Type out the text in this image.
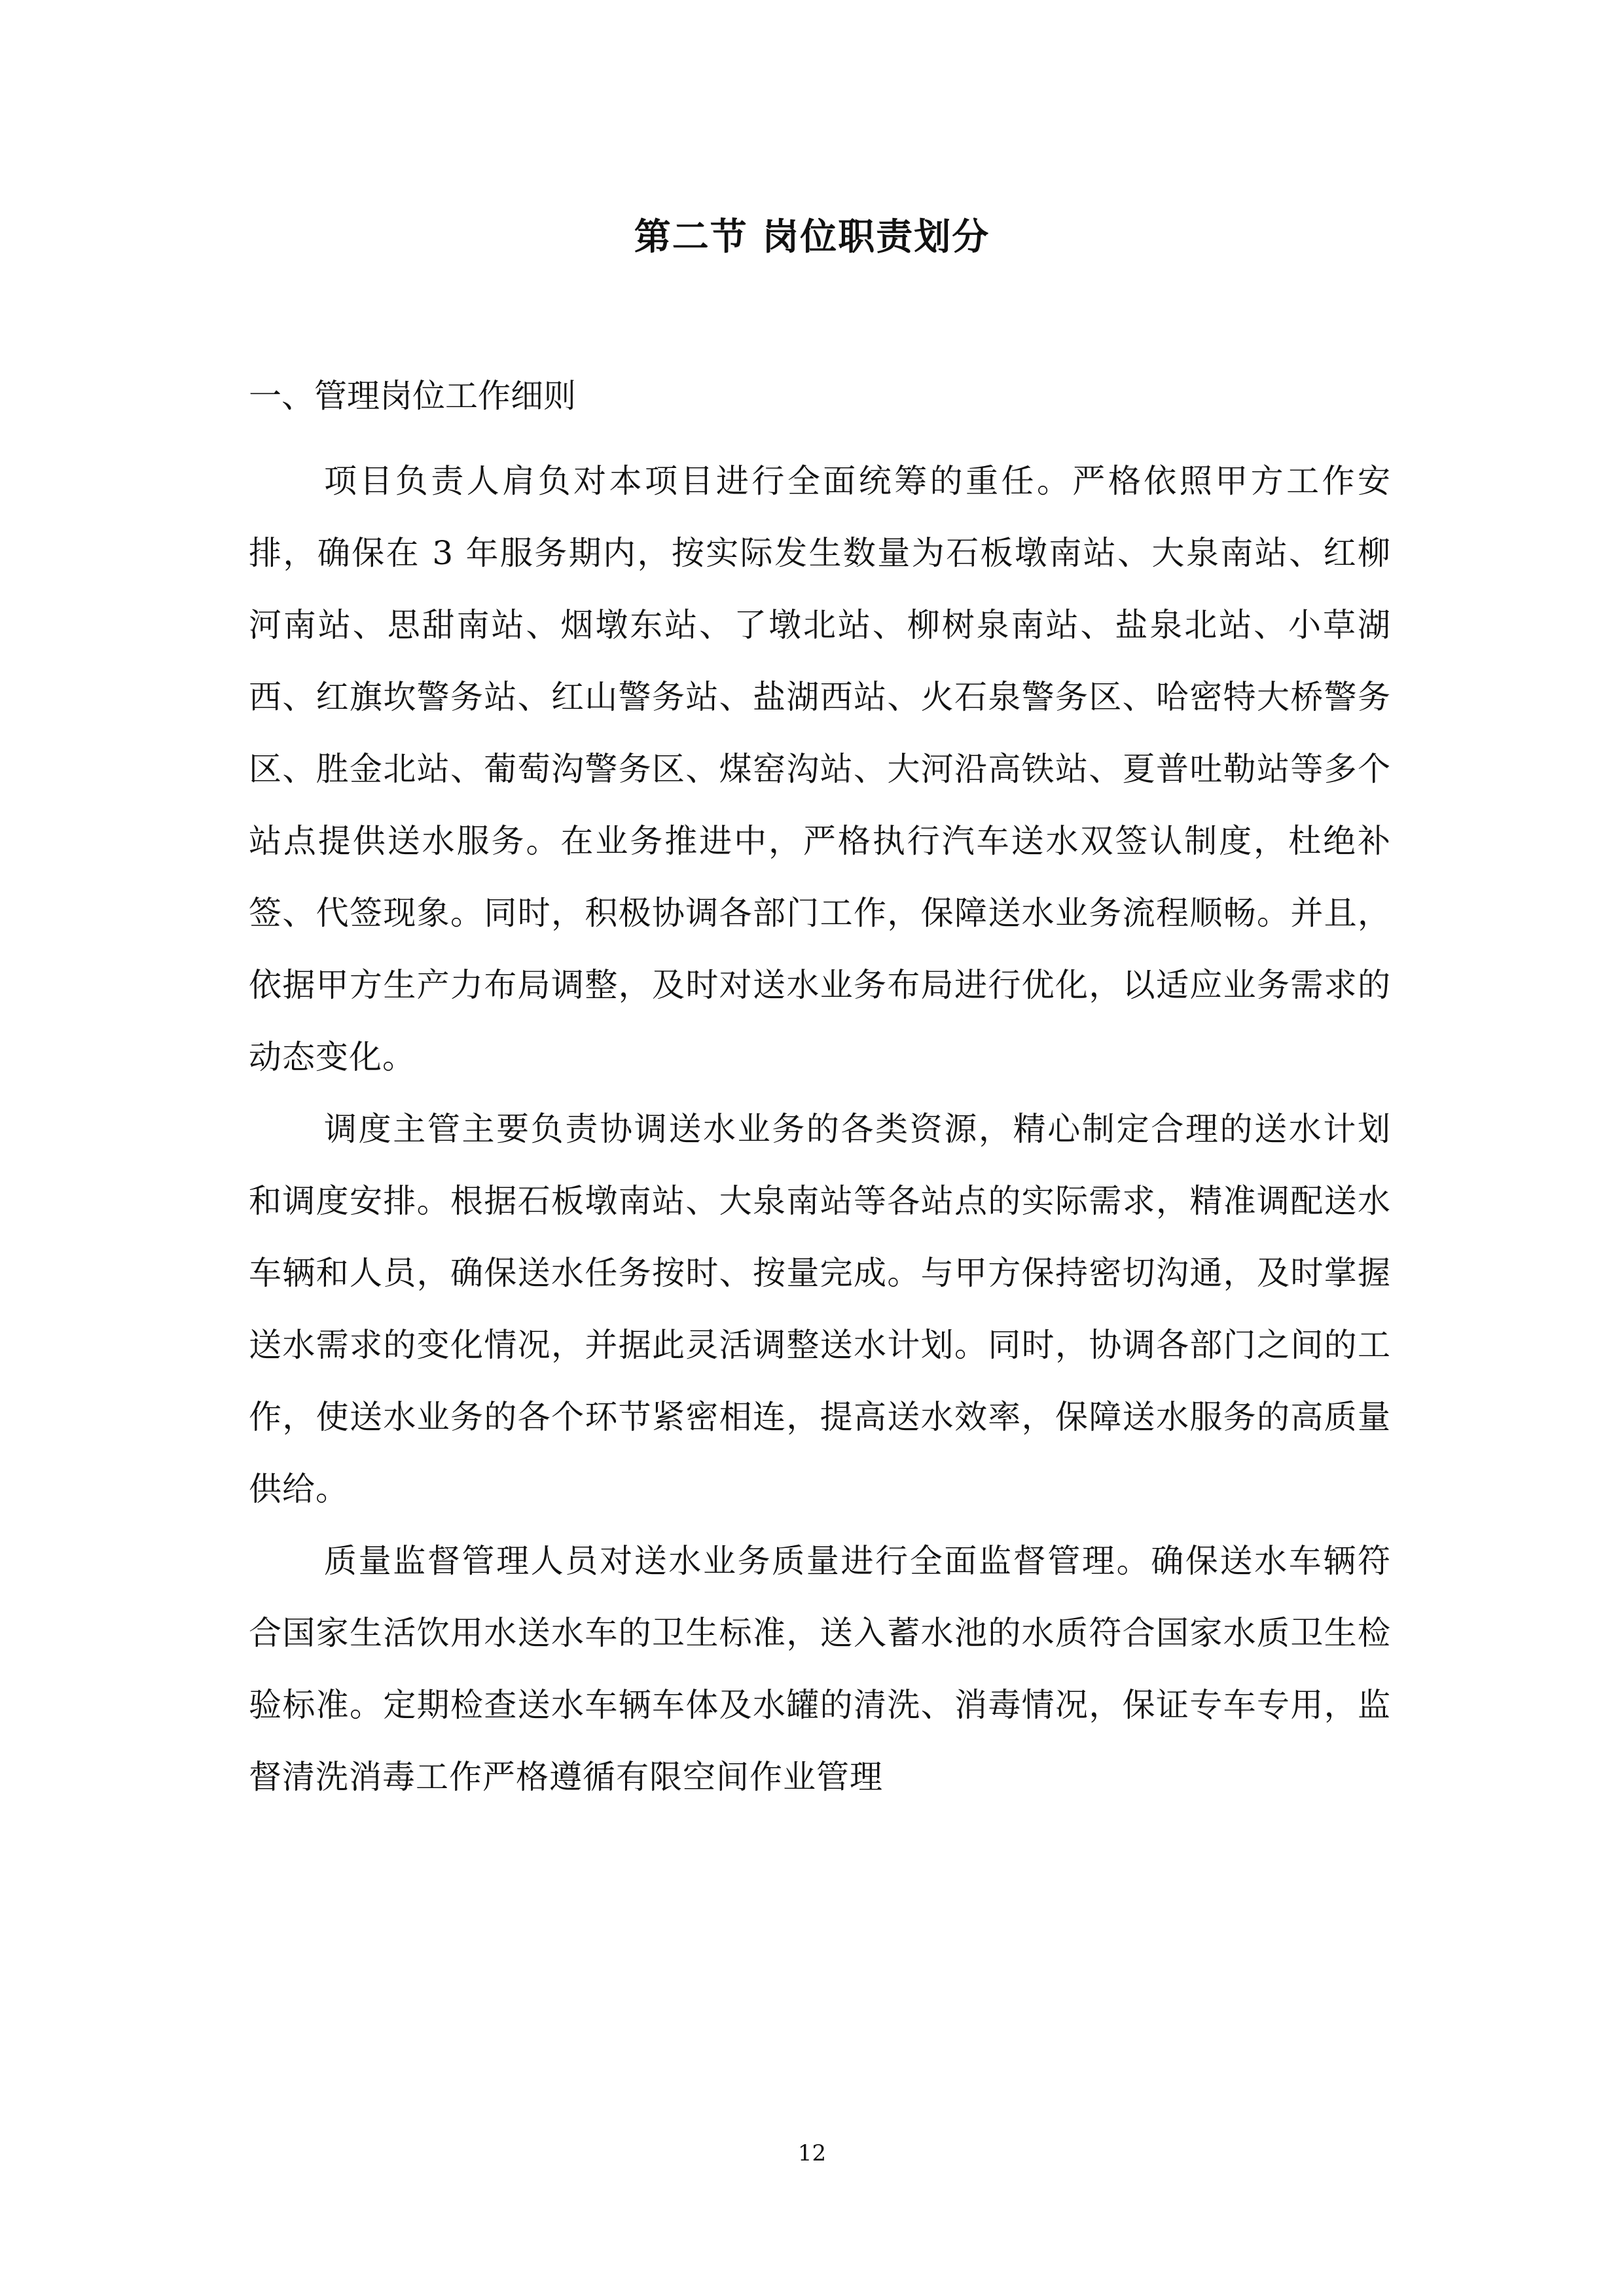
第二节 岗位职责划分
一、管理岗位工作细则

项目负责人肩负对本项目进行全面统筹的重任。严格依照甲方工作安排，确保在 3 年服务期内，按实际发生数量为石板墩南站、大泉南站、红柳河南站、思甜南站、烟墩东站、了墩北站、柳树泉南站、盐泉北站、小草湖西、红旗坎警务站、红山警务站、盐湖西站、火石泉警务区、哈密特大桥警务区、胜金北站、葡萄沟警务区、煤窑沟站、大河沿高铁站、夏普吐勒站等多个站点提供送水服务。在业务推进中，严格执行汽车送水双签认制度，杜绝补签、代签现象。同时，积极协调各部门工作，保障送水业务流程顺畅。并且，依据甲方生产力布局调整，及时对送水业务布局进行优化，以适应业务需求的动态变化。

调度主管主要负责协调送水业务的各类资源，精心制定合理的送水计划和调度安排。根据石板墩南站、大泉南站等各站点的实际需求，精准调配送水车辆和人员，确保送水任务按时、按量完成。与甲方保持密切沟通，及时掌握送水需求的变化情况，并据此灵活调整送水计划。同时，协调各部门之间的工作，使送水业务的各个环节紧密相连，提高送水效率，保障送水服务的高质量供给。

质量监督管理人员对送水业务质量进行全面监督管理。确保送水车辆符合国家生活饮用水送水车的卫生标准，送入蓄水池的水质符合国家水质卫生检验标准。定期检查送水车辆车体及水罐的清洗、消毒情况，保证专车专用，监督清洗消毒工作严格遵循有限空间作业管理

12
